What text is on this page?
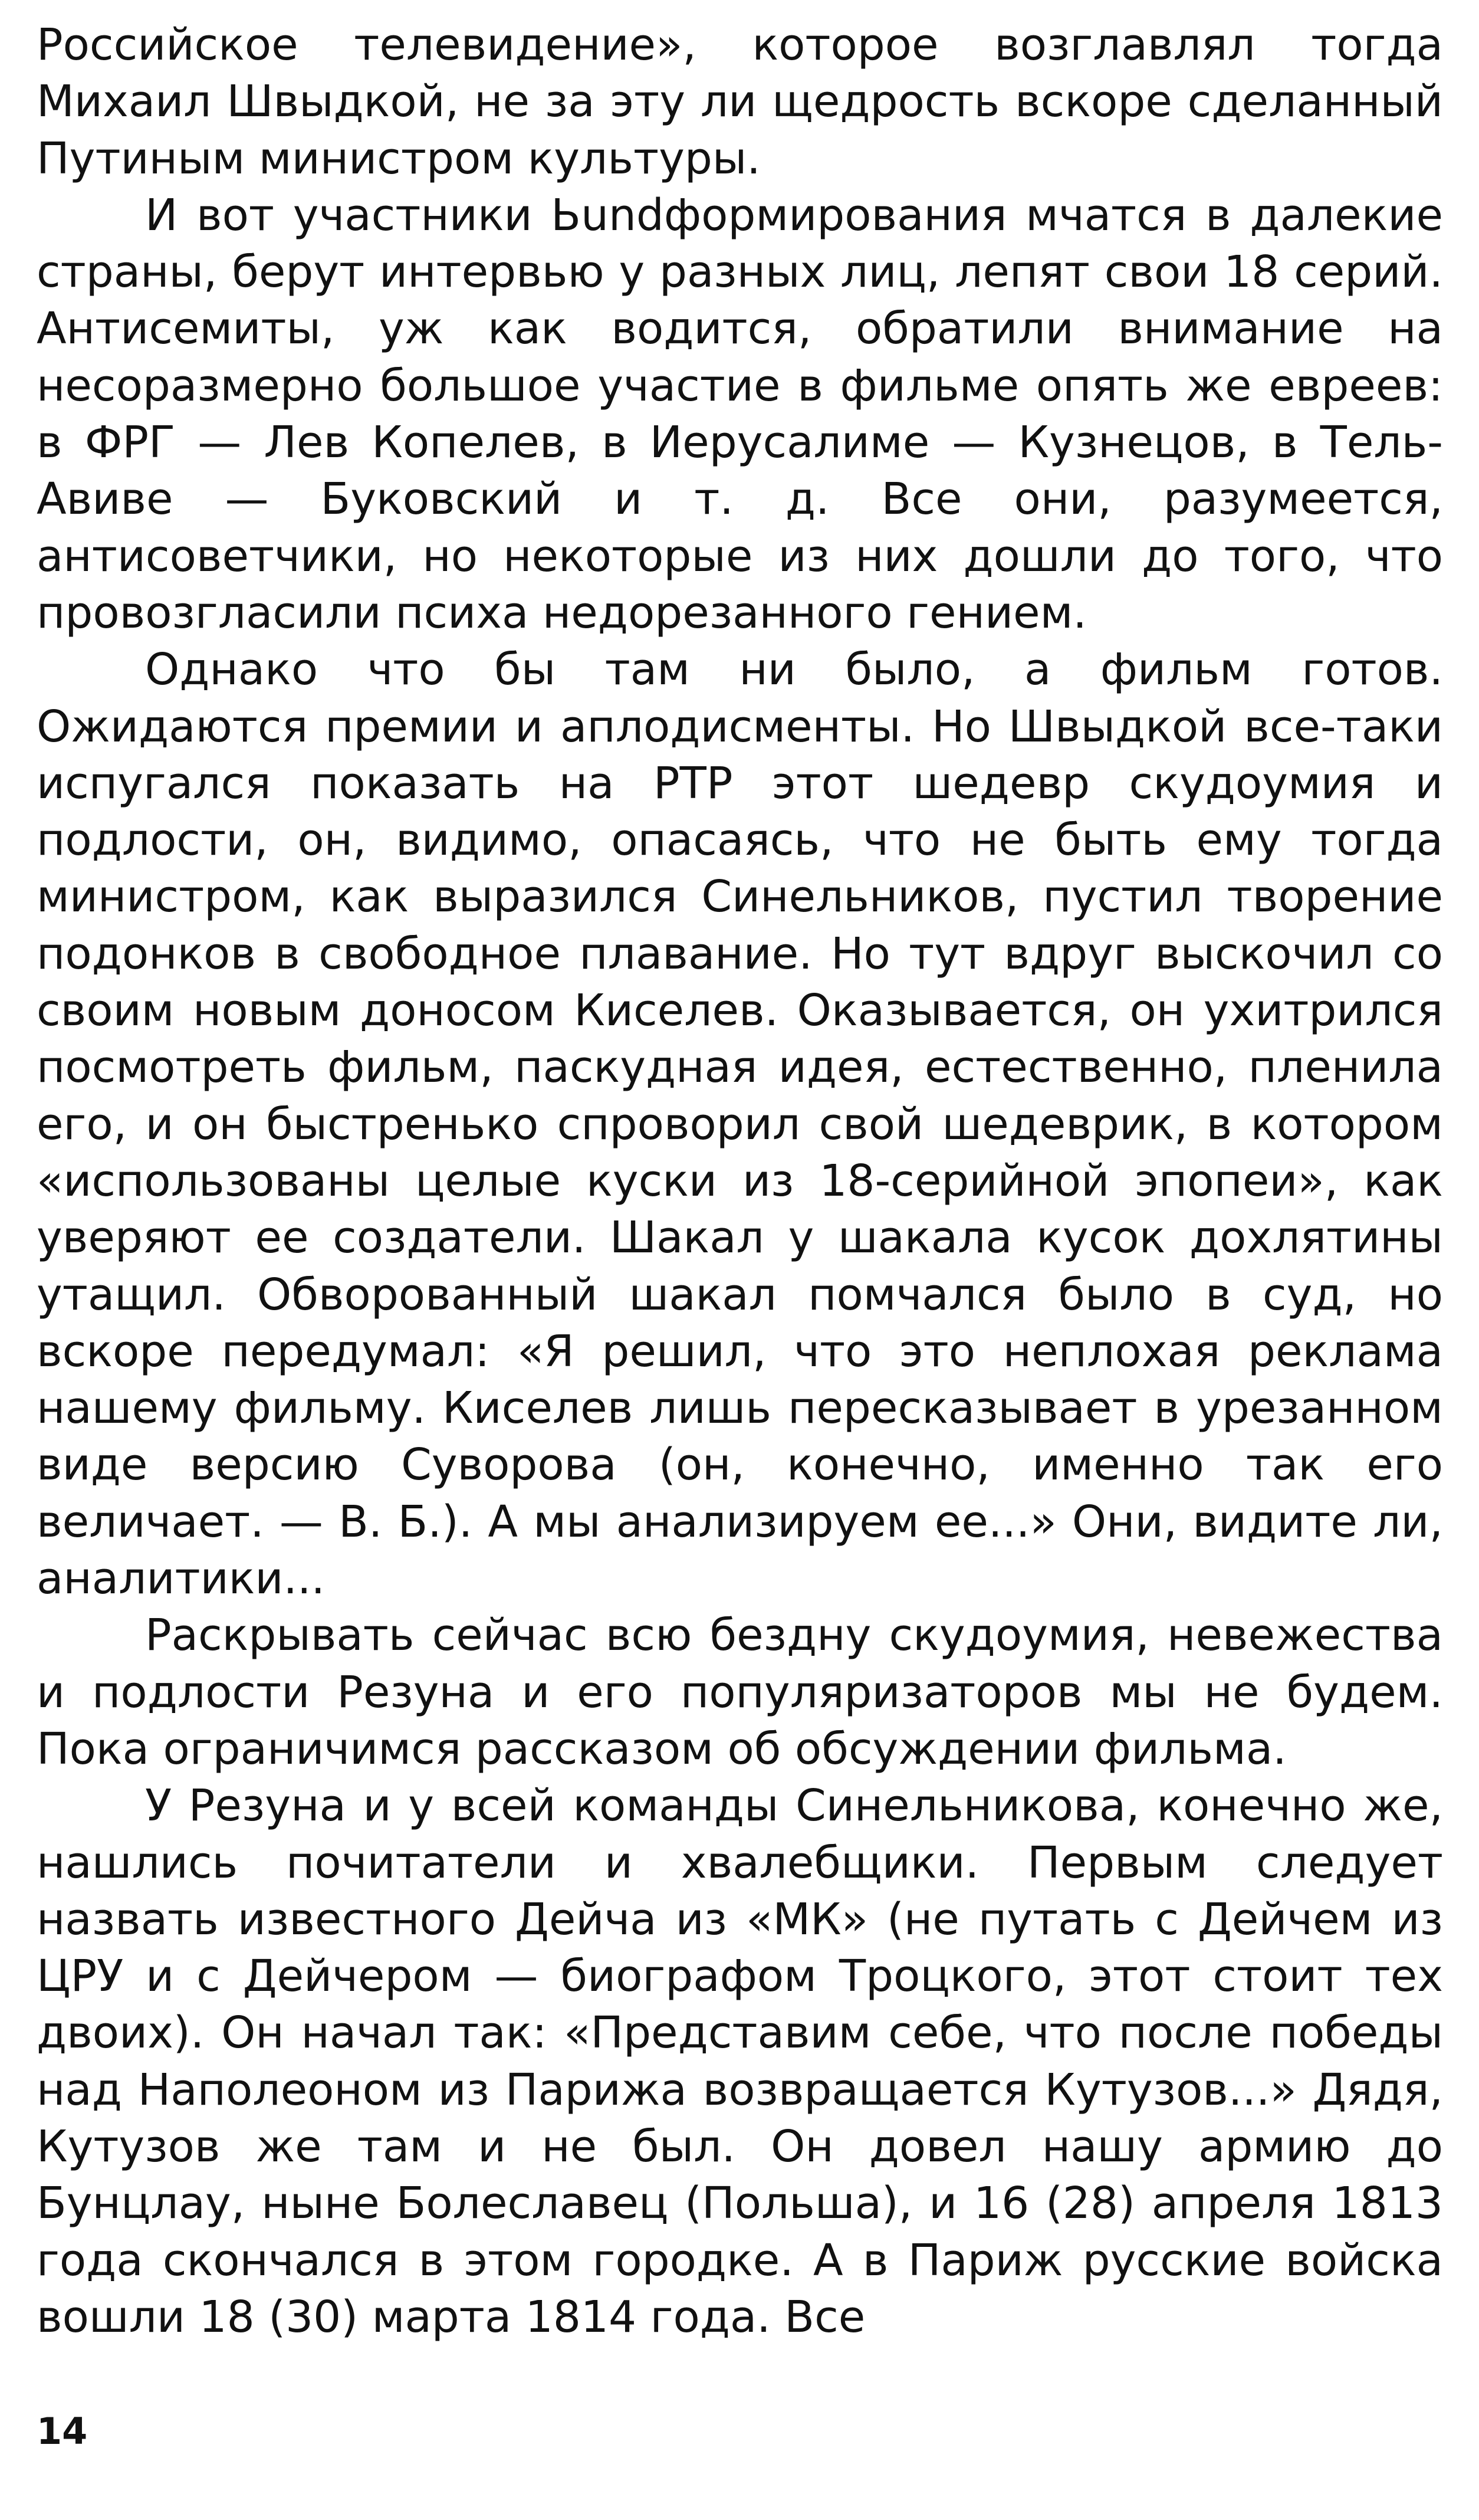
Российское телевидение», которое возглавлял тогда Михаил Швыдкой, не за эту ли щедрость вскоре сделанный Путиным министром культуры.

И вот участники Ьundформирования мчатся в далекие страны, берут интервью у разных лиц, лепят свои 18 серий. Антисемиты, уж как водится, обратили внимание на несоразмерно большое участие в фильме опять же евреев: в ФРГ — Лев Копелев, в Иерусалиме — Кузнецов, в Тель-Авиве — Буковский и т. д. Все они, разумеется, антисоветчики, но некоторые из них дошли до того, что провозгласили психа недорезанного гением.

Однако что бы там ни было, а фильм готов. Ожидаются премии и аплодисменты. Но Швыдкой все-таки испугался показать на РТР этот шедевр скудоумия и подлости, он, видимо, опасаясь, что не быть ему тогда министром, как выразился Синельников, пустил творение подонков в свободное плавание. Но тут вдруг выскочил со своим новым доносом Киселев. Оказывается, он ухитрился посмотреть фильм, паскудная идея, естественно, пленила его, и он быстренько спроворил свой шедеврик, в котором «использованы целые куски из 18-серийной эпопеи», как уверяют ее создатели. Шакал у шакала кусок дохлятины утащил. Обворованный шакал помчался было в суд, но вскоре передумал: «Я решил, что это неплохая реклама нашему фильму. Киселев лишь пересказывает в урезанном виде версию Суворова (он, конечно, именно так его величает. — В. Б.). А мы анализируем ее...» Они, видите ли, аналитики...

Раскрывать сейчас всю бездну скудоумия, невежества и подлости Резуна и его популяризаторов мы не будем. Пока ограничимся рассказом об обсуждении фильма.

У Резуна и у всей команды Синельникова, конечно же, нашлись почитатели и хвалебщики. Первым следует назвать известного Дейча из «МК» (не путать с Дейчем из ЦРУ и с Дейчером — биографом Троцкого, этот стоит тех двоих). Он начал так: «Представим себе, что после победы над Наполеоном из Парижа возвращается Кутузов...» Дядя, Кутузов же там и не был. Он довел нашу армию до Бунцлау, ныне Болеславец (Польша), и 16 (28) апреля 1813 года скончался в этом городке. А в Париж русские войска вошли 18 (30) марта 1814 года. Все

14
